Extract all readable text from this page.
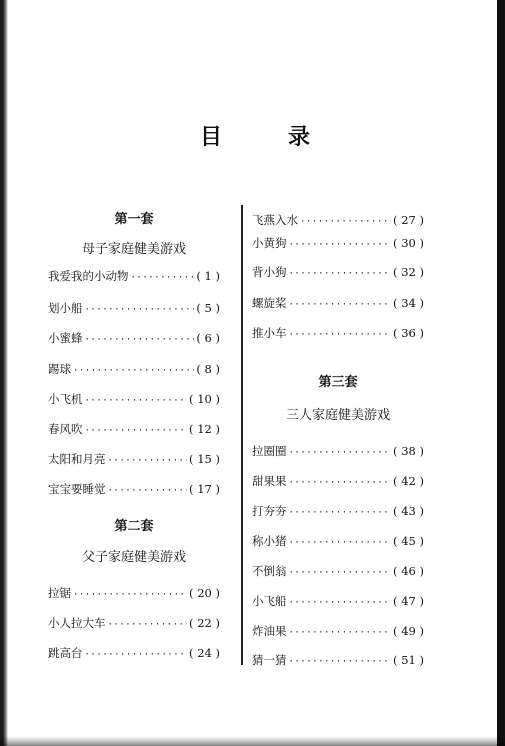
目	录
第一套
母子家庭健美游戏
我爱我的小动物 ·····	( 1 )
划小船 ·····	( 5 )
小蜜蜂 ·····	( 6 )
踢球 ·····	( 8 )
小飞机 ·····	( 10 )
春风吹 ·····	( 12 )
太阳和月亮 ·····	( 15 )
宝宝要睡觉 ·····	( 17 )
第二套
父子家庭健美游戏
拉锯 ·····	( 20 )
小人拉大车 ·····	( 22 )
跳高台 ·····	( 24 )
飞燕入水 ·····	( 27 )
小黄狗 ·····	( 30 )
背小狗 ·····	( 32 )
螺旋桨 ·····	( 34 )
推小车 ·····	( 36 )
第三套
三人家庭健美游戏
拉圈圈 ·····	( 38 )
甜果果 ·····	( 42 )
打夯夯 ·····	( 43 )
称小猪 ·····	( 45 )
不倒翁 ·····	( 46 )
小飞船 ·····	( 47 )
炸油果 ·····	( 49 )
猜一猜 ·····	( 51 )
